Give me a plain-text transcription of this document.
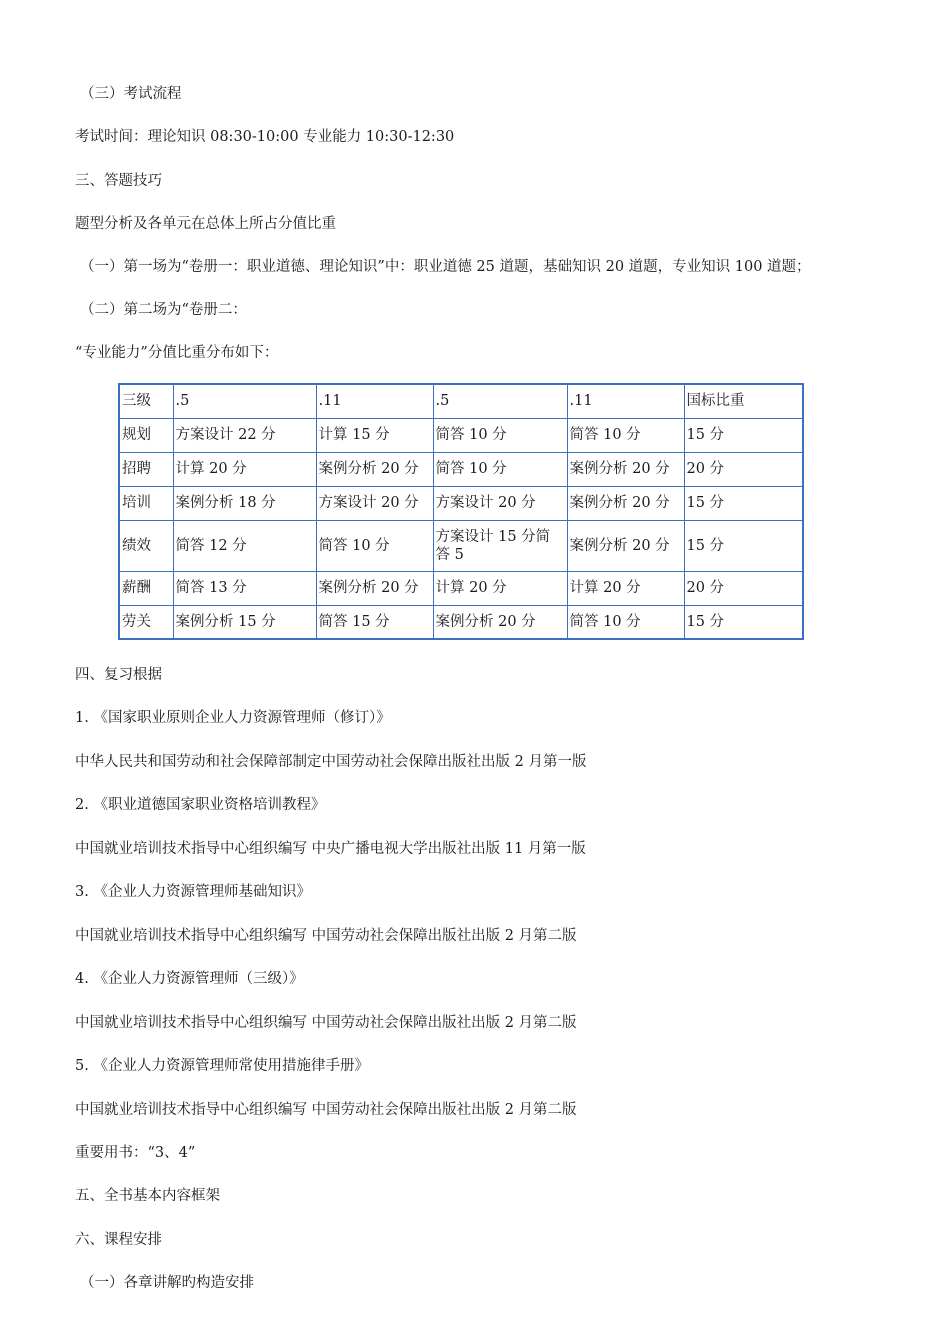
（三）考试流程
考试时间：理论知识 08:30-10:00 专业能力 10:30-12:30
三、答题技巧
题型分析及各单元在总体上所占分值比重
（一）第一场为“卷册一：职业道德、理论知识”中：职业道德 25 道题，基础知识 20 道题，专业知识 100 道题；
（二）第二场为“卷册二：
“专业能力”分值比重分布如下：
三级	.5	.11	.5	.11	国标比重
规划	方案设计 22 分	计算 15 分	简答 10 分	简答 10 分	15 分
招聘	计算 20 分	案例分析 20 分	简答 10 分	案例分析 20 分	20 分
培训	案例分析 18 分	方案设计 20 分	方案设计 20 分	案例分析 20 分	15 分
绩效	简答 12 分	简答 10 分	方案设计 15 分简答 5	案例分析 20 分	15 分
薪酬	简答 13 分	案例分析 20 分	计算 20 分	计算 20 分	20 分
劳关	案例分析 15 分	简答 15 分	案例分析 20 分	简答 10 分	15 分
四、复习根据
1. 《国家职业原则企业人力资源管理师（修订）》
中华人民共和国劳动和社会保障部制定中国劳动社会保障出版社出版 2 月第一版
2. 《职业道德国家职业资格培训教程》
中国就业培训技术指导中心组织编写 中央广播电视大学出版社出版 11 月第一版
3. 《企业人力资源管理师基础知识》
中国就业培训技术指导中心组织编写 中国劳动社会保障出版社出版 2 月第二版
4. 《企业人力资源管理师（三级）》
中国就业培训技术指导中心组织编写 中国劳动社会保障出版社出版 2 月第二版
5. 《企业人力资源管理师常使用措施律手册》
中国就业培训技术指导中心组织编写 中国劳动社会保障出版社出版 2 月第二版
重要用书：“3、4”
五、全书基本内容框架
六、课程安排
（一）各章讲解旳构造安排
